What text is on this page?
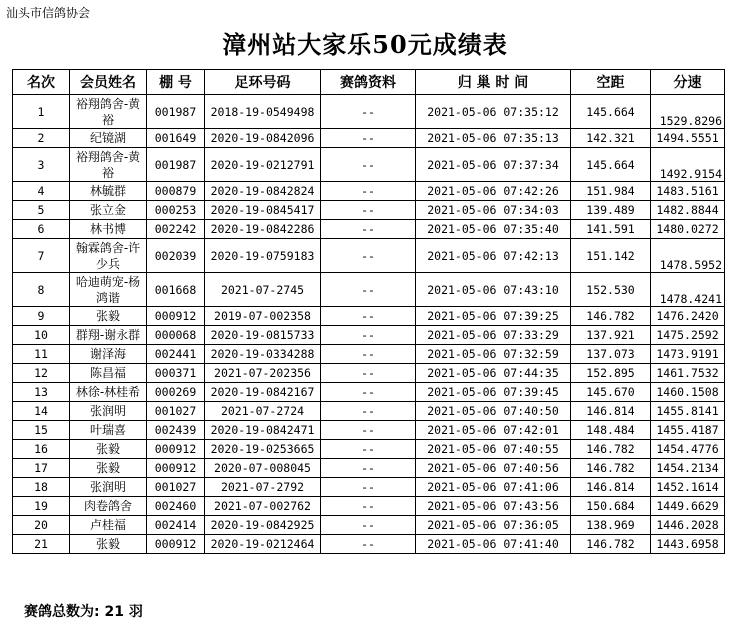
汕头市信鸽协会
漳州站大家乐50元成绩表
名次	会员姓名	棚 号	足环号码	赛鸽资料	归 巢 时 间	空距	分速
1	裕翔鸽舍-黄裕	001987	2018-19-0549498	--	2021-05-06 07:35:12	145.664	1529.8296
2	纪镜湖	001649	2020-19-0842096	--	2021-05-06 07:35:13	142.321	1494.5551
3	裕翔鸽舍-黄裕	001987	2020-19-0212791	--	2021-05-06 07:37:34	145.664	1492.9154
4	林毓群	000879	2020-19-0842824	--	2021-05-06 07:42:26	151.984	1483.5161
5	张立金	000253	2020-19-0845417	--	2021-05-06 07:34:03	139.489	1482.8844
6	林书博	002242	2020-19-0842286	--	2021-05-06 07:35:40	141.591	1480.0272
7	翰霖鸽舍-许少兵	002039	2020-19-0759183	--	2021-05-06 07:42:13	151.142	1478.5952
8	哈迪萌宠-杨鸿谐	001668	2021-07-2745	--	2021-05-06 07:43:10	152.530	1478.4241
9	张毅	000912	2019-07-002358	--	2021-05-06 07:39:25	146.782	1476.2420
10	群翔-谢永群	000068	2020-19-0815733	--	2021-05-06 07:33:29	137.921	1475.2592
11	谢泽海	002441	2020-19-0334288	--	2021-05-06 07:32:59	137.073	1473.9191
12	陈昌福	000371	2021-07-202356	--	2021-05-06 07:44:35	152.895	1461.7532
13	林徐-林桂希	000269	2020-19-0842167	--	2021-05-06 07:39:45	145.670	1460.1508
14	张润明	001027	2021-07-2724	--	2021-05-06 07:40:50	146.814	1455.8141
15	叶瑞喜	002439	2020-19-0842471	--	2021-05-06 07:42:01	148.484	1455.4187
16	张毅	000912	2020-19-0253665	--	2021-05-06 07:40:55	146.782	1454.4776
17	张毅	000912	2020-07-008045	--	2021-05-06 07:40:56	146.782	1454.2134
18	张润明	001027	2021-07-2792	--	2021-05-06 07:41:06	146.814	1452.1614
19	肉卷鸽舍	002460	2021-07-002762	--	2021-05-06 07:43:56	150.684	1449.6629
20	卢桂福	002414	2020-19-0842925	--	2021-05-06 07:36:05	138.969	1446.2028
21	张毅	000912	2020-19-0212464	--	2021-05-06 07:41:40	146.782	1443.6958
赛鸽总数为: 21 羽
